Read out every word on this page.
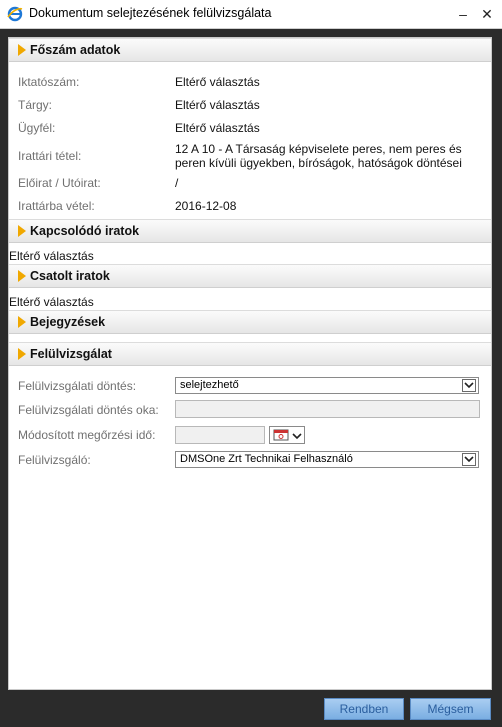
Dokumentum selejtezésének felülvizsgálata	–	✕
Főszám adatok
Iktatószám:	Eltérő választás
Tárgy:	Eltérő választás
Ügyfél:	Eltérő választás
Irattári tétel:	12 A 10 - A Társaság képviselete peres, nem peres és
peren kívüli ügyekben, bíróságok, hatóságok döntései
Előirat / Utóirat:	/
Irattárba vétel:	2016-12-08
Kapcsolódó iratok
Eltérő választás
Csatolt iratok
Eltérő választás
Bejegyzések
Felülvizsgálat
Felülvizsgálati döntés:	selejtezhető
Felülvizsgálati döntés oka:
Módosított megőrzési idő:
Felülvizsgáló:	DMSOne Zrt Technikai Felhasználó
Rendben	Mégsem
